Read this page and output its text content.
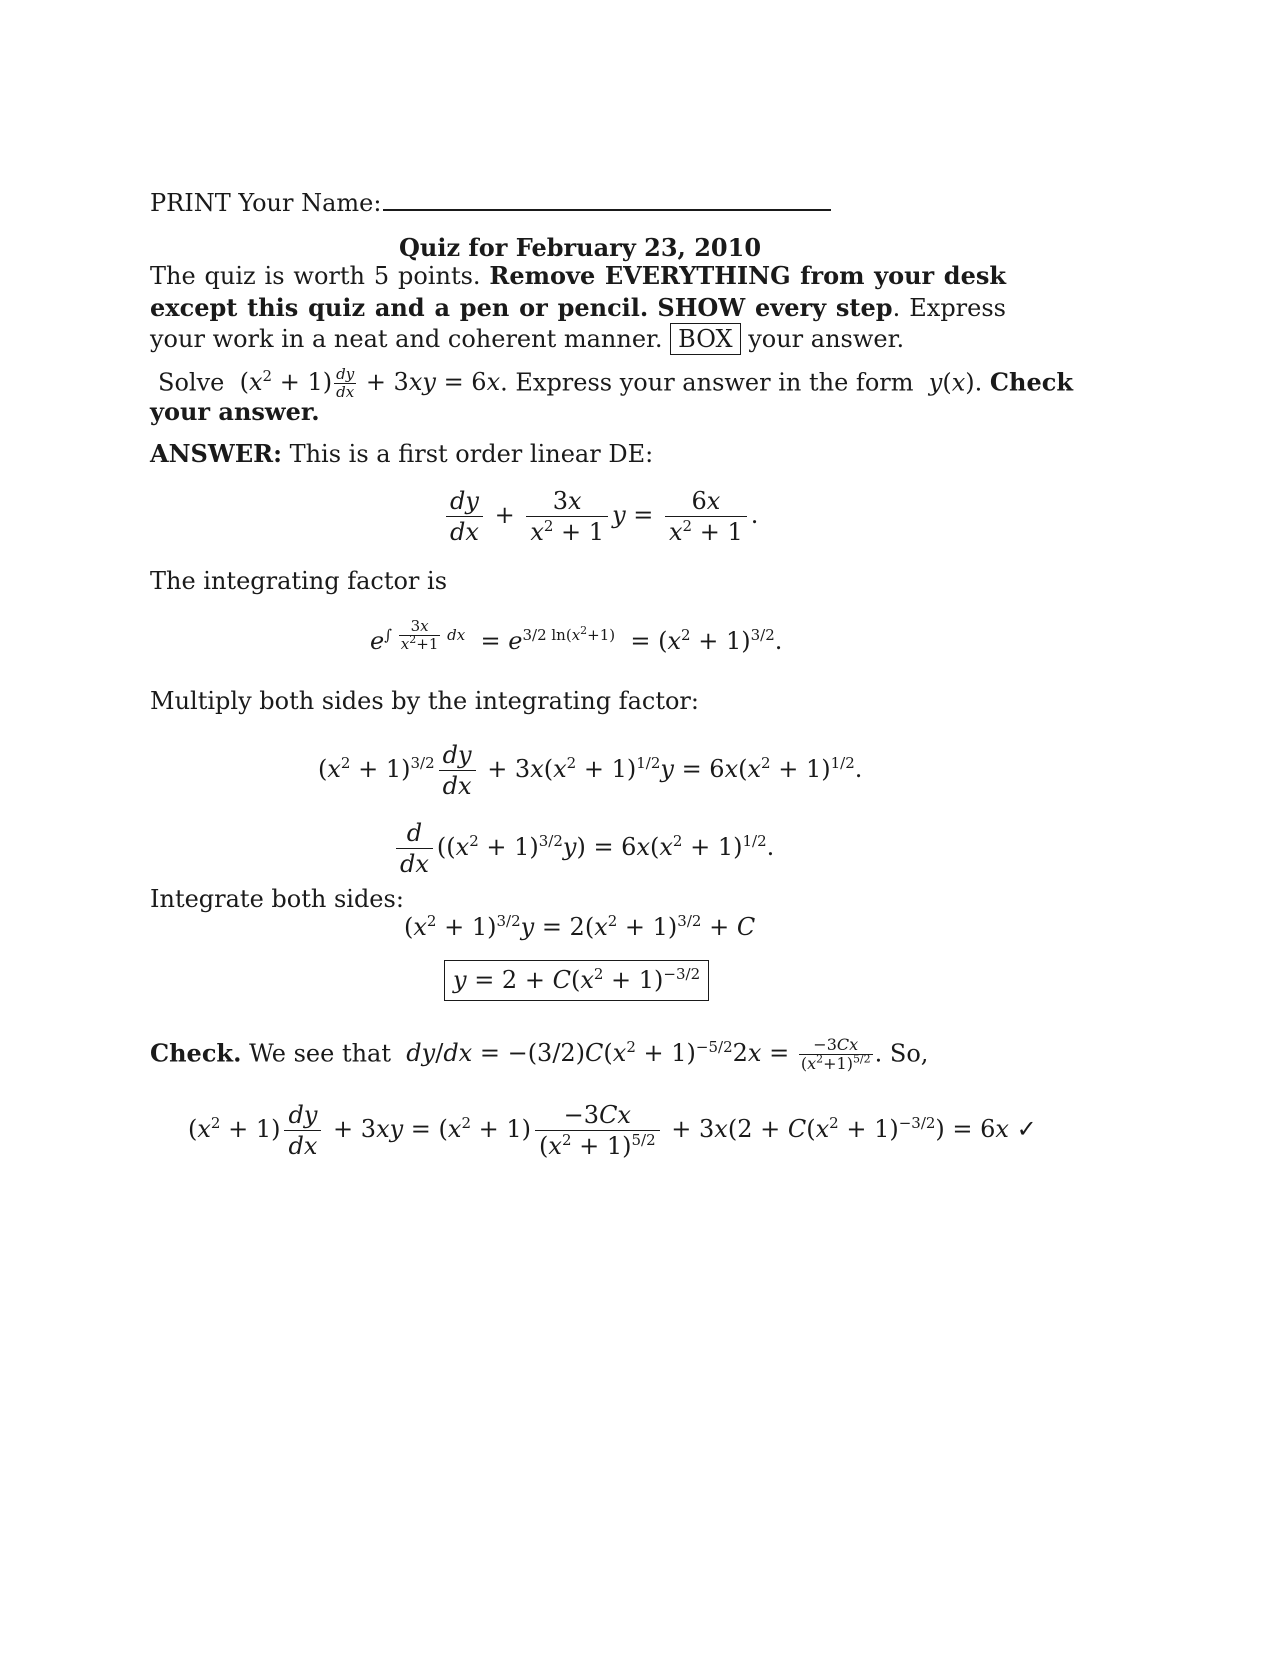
PRINT Your Name:
Quiz for February 23, 2010
The quiz is worth 5 points. Remove EVERYTHING from your desk except this quiz and a pen or pencil. SHOW every step. Express your work in a neat and coherent manner. BOX your answer.
Solve $(x^2 + 1) \frac{dy}{dx} + 3xy = 6x$. Express your answer in the form  y(x). Check
your answer.
ANSWER: This is a first order linear DE:
$\frac{dy}{dx} + \frac{3x}{x^2 + 1}$ $y = \frac{6x}{x^2 + 1}$ .
The integrating factor is
$e^{\int \frac{3x}{x^2+1} dx} = e^{3/2 ln(x^2+1)} = (x^2 + 1)^{3/2}$.
Multiply both sides by the integrating factor:
$(x^2 + 1)^{3/2} \frac{dy}{dx} + 3x(x^2 + 1)^{1/2}y = 6x(x^2 + 1)^{1/2}$.
$\frac{d}{dx} ((x^2 + 1)^{3/2}y) = 6x(x^2 + 1)^{1/2}$.
Integrate both sides:
$(x^2 + 1)^{3/2}y = 2(x^2 + 1)^{3/2} + C$
$y = 2 + C(x^2 + 1)^{-3/2}$
Check. We see that  $dy/dx = -(3/2)C(x^2 + 1)^{-5/2}2x = \frac{-3Cx}{(x^2+1)^{5/2}}$ . So,
$(x^2 + 1) \frac{dy}{dx} + 3xy = (x^2 + 1) \frac{-3Cx}{(x^2 + 1)^{5/2}} + 3x(2 + C(x^2 + 1)^{-3/2}) = 6x$ ✓
